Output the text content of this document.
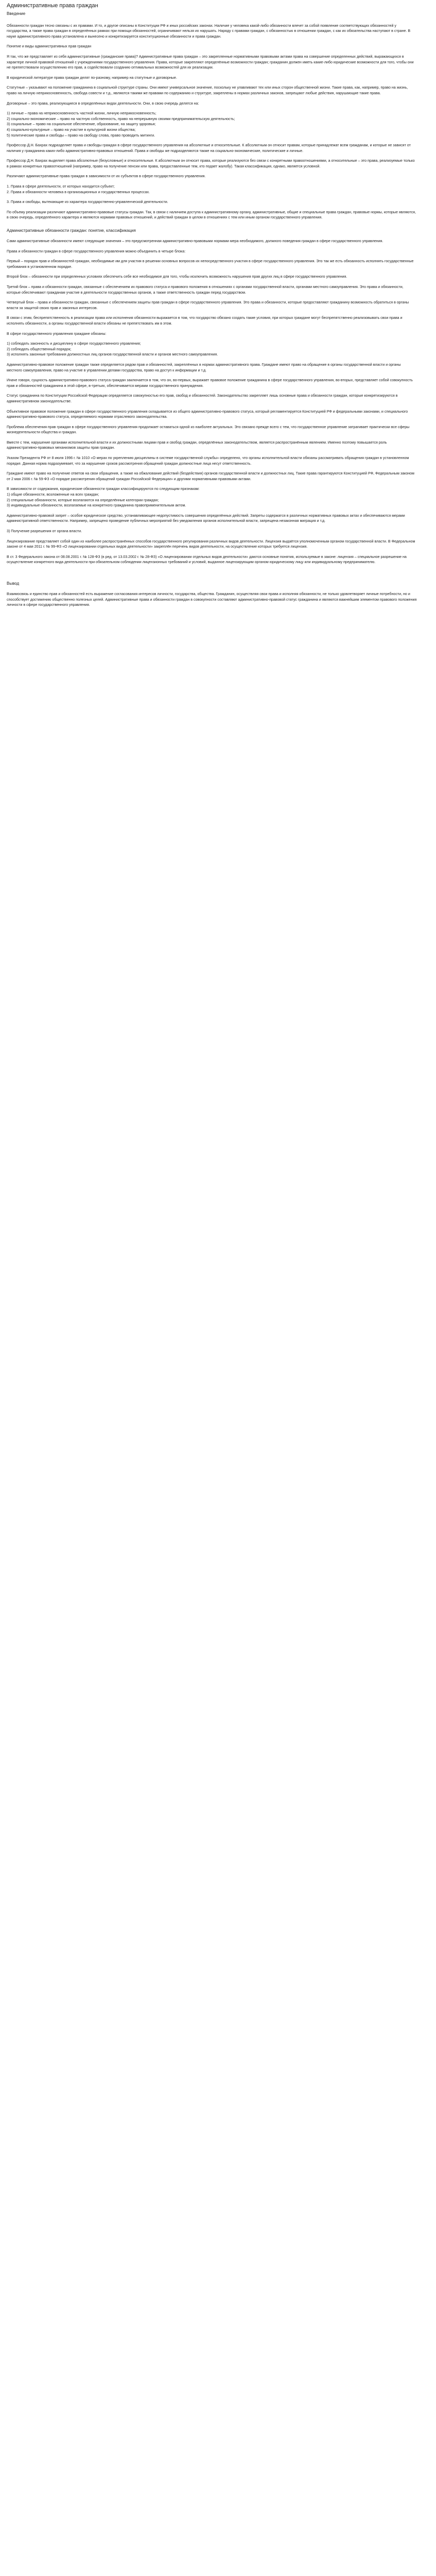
Административные права граждан
Введение
Обязанности граждан тесно связаны с их правами. И то, и другое описаны в Конституции РФ и иных российских законах. Наличие у человека какой-либо обязанности влечет за собой появление соответствующих обязанностей у государства, а также права граждан в определённых рамках при помощи обязанностей, ограничивают нельзя их нарушать. Наряду с правами граждан, с обязанностью в отношении граждан, с как их обязательства наступают в стране. В науке административного права установлена и вынесено и конкретизируется конституционные обязанности и права граждан.
Понятие и виды административных прав граждан
Я так, что же представляет из себя административные (гражданские права)? Административные права граждан – это закрепленные нормативными правовыми актами права на совершение определенных действий, выражающихся в характере личной правовой отношений с учреждениями государственного управления. Права, которые закрепляют определённые возможности граждан; гражданин должен иметь какие-либо юридические возможности для того, чтобы они не препятствовали осуществлению его прав, а содействовали созданию оптимальных возможностей для их реализации.
В юридической литературе права граждан делят по-разному, например на статутные и договорные.
Статутные – указывают на положение гражданина в социальной структуре страны. Они имеют универсальное значение, поскольку не улавливают тех или иных сторон общественной жизни. Такие права, как, например, право на жизнь, право на личную неприкосновенность, свобода совести и т.д., являются такими же правами по содержанию и структуре, закреплены в нормах различных законов, запрещают любые действия, нарушающие такие права.
Договорные – это права, реализующиеся в определённых видах деятельности. Они, в свою очередь делятся на:
1) личные – права на неприкосновенность частной жизни, личную неприкосновенность;
2) социально-экономические – право на частную собственность, право на непрерывную своими предпринимательскую деятельность;
3) социальные – право на социальное обеспечение, образование, на защиту здоровья;
4) социально-культурные – право на участие в культурной жизни общества;
5) политические права и свободы – право на свободу слова, право проводить митинги.
Профессор Д.Н. Бахрах подразделяет права и свободы граждан в сфере государственного управления на абсолютные и относительные. К абсолютным он относит правам, которые принадлежат всем гражданам, и которые не зависят от наличия у гражданина каких-либо административно-правовых отношений. Права и свободы же подразделяются также на социально-экономические, политические и личные.
Профессор Д.Н. Бахрах выделяет права абсолютные (безусловные) и относительные. К абсолютным он относит права, которые реализуются без связи с конкретными правоотношениями, а относительные – это права, реализуемые только в рамках конкретных правоотношений (например, право на получение пенсии или права, предоставленные тем, кто подает жалобу). Такая классификация, однако, является условной.
Различают административные права граждан в зависимости от их субъектов в сфере государственного управления.
1. Права в сфере деятельности, от которых находится субъект;
2. Права и обязанности человека в организационных и государственных процессах.
3. Права и свободы, вытекающие из характера государственно-управленческой деятельности.
По объему реализации различают административно-правовые статусы граждан. Так, в связи с наличием доступа к административному органу, административные, общие и специальные права граждан, правовые нормы, которые являются, в свою очередь, определённого характера и являются нормами правовых отношений, и действий граждан в целом в отношениях с тем или иным органом государственного управления.
Административные обязанности граждан: понятие, классификация
Сами административные обязанности имеют следующие значения – это предусмотренная административно-правовыми нормами мера необходимого, должного поведения граждан в сфере государственного управления.
Права и обязанности граждан в сфере государственного управления можно объединить в четыре блока:
Первый – порядок прав и обязанностей граждан, необходимые им для участия в решении основных вопросов их непосредственного участия в сфере государственного управления. Это так же есть обязанность исполнять государственные требования в установленном порядке.
Второй блок – обязанности при определенных условиях обеспечить себе все необходимое для того, чтобы исключить возможность нарушения прав других лиц в сфере государственного управления.
Третий блок – права и обязанности граждан, связанные с обеспечением их правового статуса и правового положения в отношениях с органами государственной власти, органами местного самоуправления. Это права и обязанности, которые обеспечивают гражданам участие в деятельности государственных органов, а также ответственность граждан перед государством.
Четвертый блок – права и обязанности граждан, связанные с обеспечением защиты прав граждан в сфере государственного управления. Это права и обязанности, которые предоставляют гражданину возможность обратиться в органы власти за защитой своих прав и законных интересов.
В связи с этим, беспрепятственность в реализации права или исполнения обязанности выражается в том, что государство обязано создать такие условия, при которых граждане могут беспрепятственно реализовывать свои права и исполнять обязанности, а органы государственной власти обязаны не препятствовать им в этом.
В сфере государственного управления граждане обязаны:
1) соблюдать законность и дисциплину в сфере государственного управления;
2) соблюдать общественный порядок;
3) исполнять законные требования должностных лиц органов государственной власти и органов местного самоуправления.
Административно-правовое положение граждан также определяется рядом прав и обязанностей, закреплённых в нормах административного права. Граждане имеют право на обращение в органы государственной власти и органы местного самоуправления, право на участие в управлении делами государства, право на доступ к информации и т.д.
Иначе говоря, сущность административно-правового статуса граждан заключается в том, что он, во-первых, выражает правовое положение гражданина в сфере государственного управления, во-вторых, представляет собой совокупность прав и обязанностей гражданина в этой сфере, в-третьих, обеспечивается мерами государственного принуждения.
Статус гражданина по Конституции Российской Федерации определяется совокупностью его прав, свобод и обязанностей. Законодательство закрепляет лишь основные права и обязанности граждан, которые конкретизируются в административном законодательстве.
Объективное правовое положение граждан в сфере государственного управления складывается из общего административно-правового статуса, который регламентируется Конституцией РФ и федеральными законами, и специального административно-правового статуса, определяемого нормами отраслевого законодательства.
Проблема обеспечения прав граждан в сфере государственного управления продолжает оставаться одной из наиболее актуальных. Это связано прежде всего с тем, что государственное управление затрагивает практически все сферы жизнедеятельности общества и граждан.
Вместе с тем, нарушение органами исполнительной власти и их должностными лицами прав и свобод граждан, определённых законодательством, является распространённым явлением. Именно поэтому повышается роль административно-правовых механизмов защиты прав граждан.
Указом Президента РФ от 8 июля 1996 г. № 1010 «О мерах по укреплению дисциплины в системе государственной службы» определено, что органы исполнительной власти обязаны рассматривать обращения граждан в установленном порядке. Данная норма подразумевает, что за нарушение сроков рассмотрения обращений граждан должностные лица несут ответственность.
Граждане имеют право на получение ответов на свои обращения, а также на обжалование действий (бездействия) органов государственной власти и должностных лиц. Такие права гарантируются Конституцией РФ, Федеральным законом от 2 мая 2006 г. № 59-ФЗ «О порядке рассмотрения обращений граждан Российской Федерации» и другими нормативными правовыми актами.
В зависимости от содержания, юридические обязанности граждан классифицируются по следующим признакам:
1) общие обязанности, возложенные на всех граждан;
2) специальные обязанности, которые возлагаются на определённые категории граждан;
3) индивидуальные обязанности, возлагаемые на конкретного гражданина правоприменительным актом.
Административно-правовой запрет – особое юридическое средство, устанавливающее недопустимость совершения определённых действий. Запреты содержатся в различных нормативных правовых актах и обеспечиваются мерами административной ответственности. Например, запрещено проведение публичных мероприятий без уведомления органов исполнительной власти, запрещена незаконная миграция и т.д.
3) Получение разрешения от органа власти.
Лицензирование представляет собой один из наиболее распространённых способов государственного регулирования различных видов деятельности. Лицензия выдаётся уполномоченным органом государственной власти. В Федеральном законе от 4 мая 2011 г. № 99-ФЗ «О лицензировании отдельных видов деятельности» закреплён перечень видов деятельности, на осуществление которых требуется лицензия.
В ст. 3 Федерального закона от 08.08.2001 г. № 128-ФЗ (в ред. от 13.03.2002 г. № 28-ФЗ) «О лицензировании отдельных видов деятельности» даются основные понятия, используемые в законе: лицензия – специальное разрешение на осуществление конкретного вида деятельности при обязательном соблюдении лицензионных требований и условий, выданное лицензирующим органом юридическому лицу или индивидуальному предпринимателю.
Вывод
Взаимосвязь и единство прав и обязанностей есть выражение согласования интересов личности, государства, общества. Гражданин, осуществляя свои права и исполняя обязанности, не только удовлетворяет личные потребности, но и способствует достижению общественно полезных целей. Административные права и обязанности граждан в совокупности составляют административно-правовой статус гражданина и являются важнейшим элементом правового положения личности в сфере государственного управления.
